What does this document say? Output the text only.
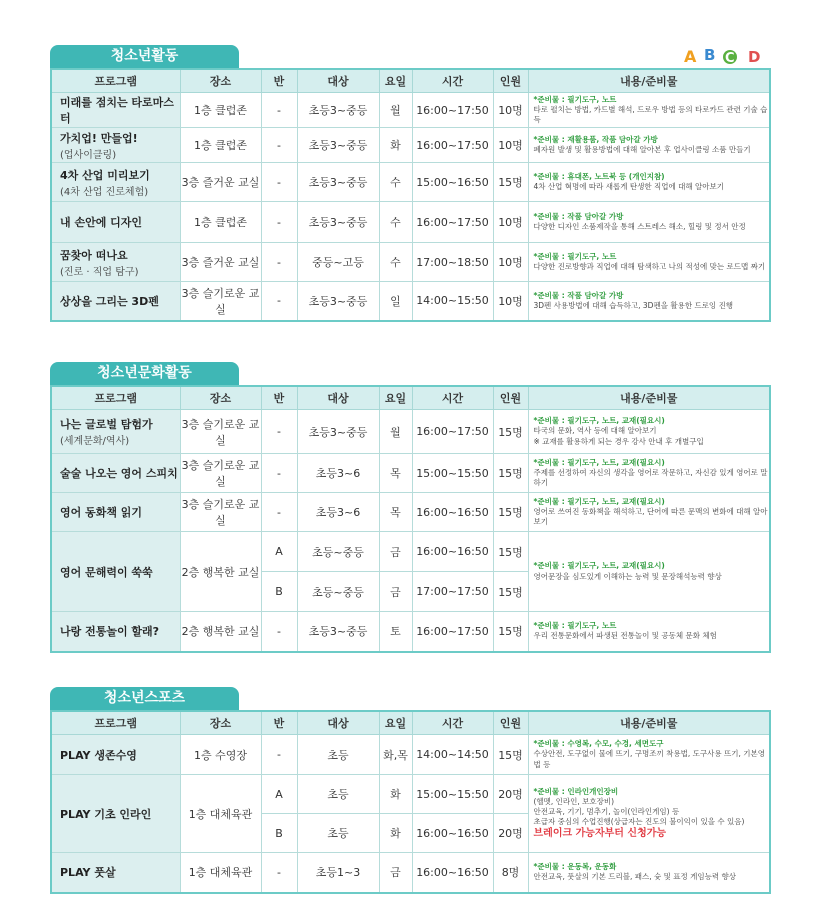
A B C D
청소년활동
프로그램	장소	반	대상	요일	시간	인원	내용/준비물
미래를 점치는 타로마스터	1층 클럽존	-	초등3~중등	월	16:00~17:50	10명	*준비물 : 필기도구, 노트
타로 펼치는 방법, 카드별 해석, 드로우 방법 등의 타로카드 관련 기술 습득
가치업! 만들업!
(업사이클링)	1층 클럽존	-	초등3~중등	화	16:00~17:50	10명	*준비물 : 재활용품, 작품 담아갈 가방
폐자원 발생 및 활용방법에 대해 알아본 후 업사이클링 소품 만들기
4차 산업 미리보기
(4차 산업 진로체험)	3층 즐거운 교실	-	초등3~중등	수	15:00~16:50	15명	*준비물 : 휴대폰, 노트북 등 (개인지참)
4차 산업 혁명에 따라 새롭게 탄생한 직업에 대해 알아보기
내 손안에 디자인	1층 클럽존	-	초등3~중등	수	16:00~17:50	10명	*준비물 : 작품 담아갈 가방
다양한 디자인 소품제작을 통해 스트레스 해소, 힐링 및 정서 안정
꿈찾아 떠나요
(진로 · 직업 탐구)	3층 즐거운 교실	-	중등~고등	수	17:00~18:50	10명	*준비물 : 필기도구, 노트
다양한 진로방향과 직업에 대해 탐색하고 나의 적성에 맞는 로드맵 짜기
상상을 그리는 3D펜	3층 슬기로운 교실	-	초등3~중등	일	14:00~15:50	10명	*준비물 : 작품 담아갈 가방
3D펜 사용방법에 대해 습득하고, 3D펜을 활용한 드로잉 진행
청소년문화활동
프로그램	장소	반	대상	요일	시간	인원	내용/준비물
나는 글로벌 탐험가
(세계문화/역사)	3층 슬기로운 교실	-	초등3~중등	월	16:00~17:50	15명	*준비물 : 필기도구, 노트, 교재(필요시)
타국의 문화, 역사 등에 대해 알아보기
※ 교재를 활용하게 되는 경우 강사 안내 후 개별구입

술술 나오는 영어 스피치	3층 슬기로운 교실	-	초등3~6	목	15:00~15:50	15명	*준비물 : 필기도구, 노트, 교재(필요시)
주제를 선정하여 자신의 생각을 영어로 작문하고, 자신감 있게 영어로 말하기
영어 동화책 읽기	3층 슬기로운 교실	-	초등3~6	목	16:00~16:50	15명	*준비물 : 필기도구, 노트, 교재(필요시)
영어로 쓰여진 동화책을 해석하고, 단어에 따른 문맥의 변화에 대해 알아보기
영어 문해력이 쑥쑥	2층 행복한 교실	A	초등~중등	금	16:00~16:50	15명	*준비물 : 필기도구, 노트, 교재(필요시)
영어문장을 심도있게 이해하는 능력 및 문장해석능력 향상
		B	초등~중등	금	17:00~17:50	15명	
나랑 전통놀이 할래?	2층 행복한 교실	-	초등3~중등	토	16:00~17:50	15명	*준비물 : 필기도구, 노트
우리 전통문화에서 파생된 전통놀이 및 공동체 문화 체험
청소년스포츠
프로그램	장소	반	대상	요일	시간	인원	내용/준비물
PLAY 생존수영	1층 수영장	-	초등	화,목	14:00~14:50	15명	*준비물 : 수영복, 수모, 수경, 세면도구
수상안전, 도구없이 물에 뜨기, 구명조끼 착용법, 도구사용 뜨기, 기본영법 등
PLAY 기초 인라인	1층 대체육관	A	초등	화	15:00~15:50	20명	*준비물 : 인라인개인장비
(헬멧, 인라인, 보호장비)
안전교육, 기기, 멈추기, 놀이(인라인게임) 등
초급자 중심의 수업진행(상급자는 진도의 불이익이 있을 수 있음)
브레이크 가능자부터 신청가능

		B	초등	화	16:00~16:50	20명	
PLAY 풋살	1층 대체육관	-	초등1~3	금	16:00~16:50	8명	*준비물 : 운동복, 운동화
안전교육, 풋살의 기본 드리블, 패스, 슛 및 표정 게임능력 향상
